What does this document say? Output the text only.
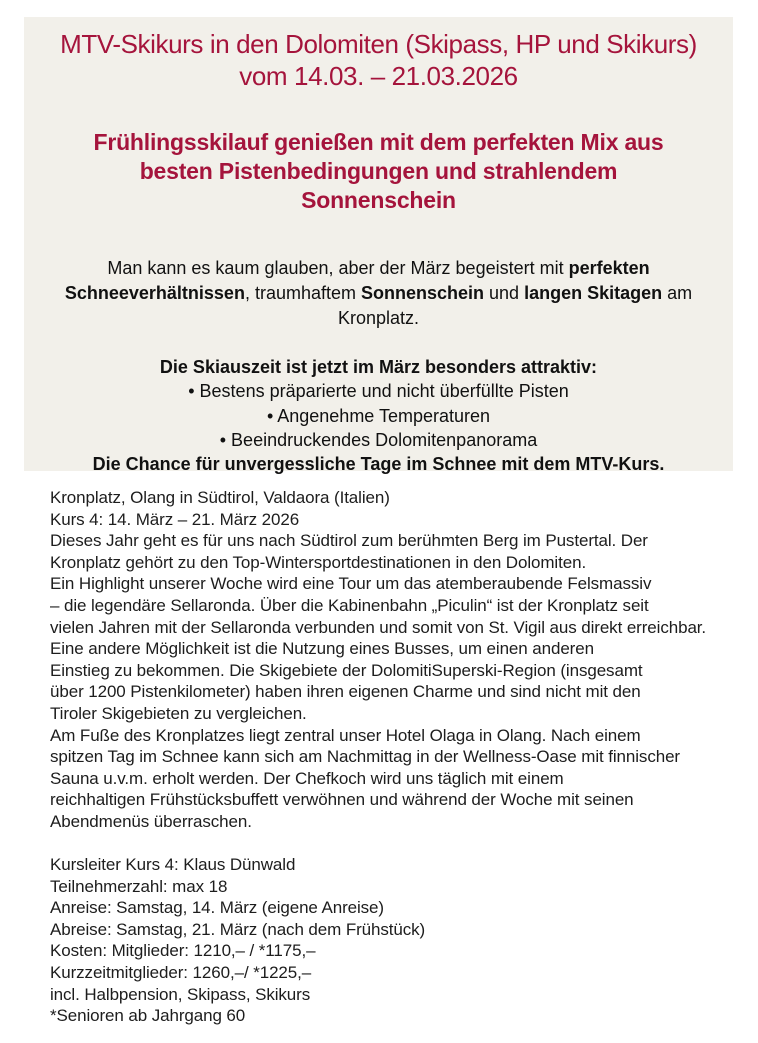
MTV-Skikurs in den Dolomiten (Skipass, HP und Skikurs)
vom 14.03. – 21.03.2026
Frühlingsskilauf genießen mit dem perfekten Mix aus
besten Pistenbedingungen und strahlendem
Sonnenschein
Man kann es kaum glauben, aber der März begeistert mit perfekten
Schneeverhältnissen, traumhaftem Sonnenschein und langen Skitagen am
Kronplatz.
Die Skiauszeit ist jetzt im März besonders attraktiv:
• Bestens präparierte und nicht überfüllte Pisten
• Angenehme Temperaturen
• Beeindruckendes Dolomitenpanorama
Die Chance für unvergessliche Tage im Schnee mit dem MTV-Kurs.
Kronplatz, Olang in Südtirol, Valdaora (Italien)
Kurs 4: 14. März – 21. März 2026
Dieses Jahr geht es für uns nach Südtirol zum berühmten Berg im Pustertal. Der
Kronplatz gehört zu den Top-Wintersportdestinationen in den Dolomiten.
Ein Highlight unserer Woche wird eine Tour um das atemberaubende Felsmassiv
– die legendäre Sellaronda. Über die Kabinenbahn „Piculin“ ist der Kronplatz seit
vielen Jahren mit der Sellaronda verbunden und somit von St. Vigil aus direkt erreichbar.
Eine andere Möglichkeit ist die Nutzung eines Busses, um einen anderen
Einstieg zu bekommen. Die Skigebiete der DolomitiSuperski-Region (insgesamt
über 1200 Pistenkilometer) haben ihren eigenen Charme und sind nicht mit den
Tiroler Skigebieten zu vergleichen.
Am Fuße des Kronplatzes liegt zentral unser Hotel Olaga in Olang. Nach einem
spitzen Tag im Schnee kann sich am Nachmittag in der Wellness-Oase mit finnischer
Sauna u.v.m. erholt werden. Der Chefkoch wird uns täglich mit einem
reichhaltigen Frühstücksbuffett verwöhnen und während der Woche mit seinen
Abendmenüs überraschen.
Kursleiter Kurs 4: Klaus Dünwald
Teilnehmerzahl: max 18
Anreise: Samstag, 14. März (eigene Anreise)
Abreise: Samstag, 21. März (nach dem Frühstück)
Kosten: Mitglieder: 1210,– / *1175,–
Kurzzeitmitglieder: 1260,–/ *1225,–
incl. Halbpension, Skipass, Skikurs
*Senioren ab Jahrgang 60
